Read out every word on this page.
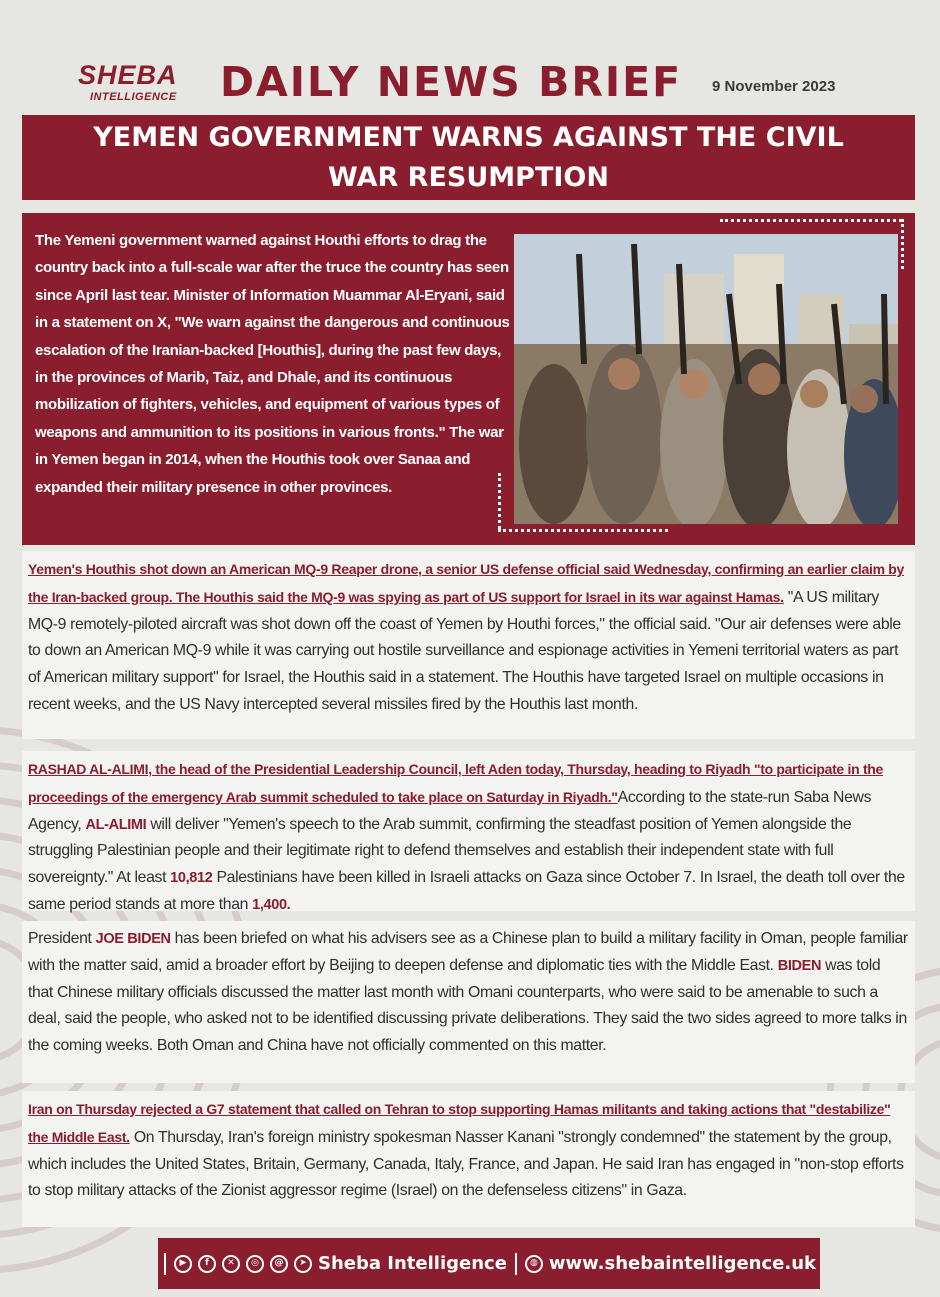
SHEBA
INTELLIGENCE DAILY NEWS BRIEF 9 November 2023
YEMEN GOVERNMENT WARNS AGAINST THE CIVIL WAR RESUMPTION
The Yemeni government warned against Houthi efforts to drag the country back into a full-scale war after the truce the country has seen since April last tear. Minister of Information Muammar Al-Eryani, said in a statement on X, "We warn against the dangerous and continuous escalation of the Iranian-backed [Houthis], during the past few days, in the provinces of Marib, Taiz, and Dhale, and its continuous mobilization of fighters, vehicles, and equipment of various types of weapons and ammunition to its positions in various fronts." The war in Yemen began in 2014, when the Houthis took over Sanaa and expanded their military presence in other provinces.

Yemen's Houthis shot down an American MQ-9 Reaper drone, a senior US defense official said Wednesday, confirming an earlier claim by the Iran-backed group. The Houthis said the MQ-9 was spying as part of US support for Israel in its war against Hamas. "A US military MQ-9 remotely-piloted aircraft was shot down off the coast of Yemen by Houthi forces," the official said. "Our air defenses were able to down an American MQ-9 while it was carrying out hostile surveillance and espionage activities in Yemeni territorial waters as part of American military support" for Israel, the Houthis said in a statement. The Houthis have targeted Israel on multiple occasions in recent weeks, and the US Navy intercepted several missiles fired by the Houthis last month.

RASHAD AL-ALIMI, the head of the Presidential Leadership Council, left Aden today, Thursday, heading to Riyadh "to participate in the proceedings of the emergency Arab summit scheduled to take place on Saturday in Riyadh."According to the state-run Saba News Agency, AL-ALIMI will deliver "Yemen's speech to the Arab summit, confirming the steadfast position of Yemen alongside the struggling Palestinian people and their legitimate right to defend themselves and establish their independent state with full sovereignty." At least 10,812 Palestinians have been killed in Israeli attacks on Gaza since October 7. In Israel, the death toll over the same period stands at more than 1,400.

President JOE BIDEN has been briefed on what his advisers see as a Chinese plan to build a military facility in Oman, people familiar with the matter said, amid a broader effort by Beijing to deepen defense and diplomatic ties with the Middle East. BIDEN was told that Chinese military officials discussed the matter last month with Omani counterparts, who were said to be amenable to such a deal, said the people, who asked not to be identified discussing private deliberations. They said the two sides agreed to more talks in the coming weeks. Both Oman and China have not officially commented on this matter.

Iran on Thursday rejected a G7 statement that called on Tehran to stop supporting Hamas militants and taking actions that "destabilize" the Middle East. On Thursday, Iran's foreign ministry spokesman Nasser Kanani "strongly condemned" the statement by the group, which includes the United States, Britain, Germany, Canada, Italy, France, and Japan. He said Iran has engaged in "non-stop efforts to stop military attacks of the Zionist aggressor regime (Israel) on the defenseless citizens" in Gaza.

▶	f	✕	◎	@	➤ Sheba Intelligence	◍ www.shebaintelligence.uk
